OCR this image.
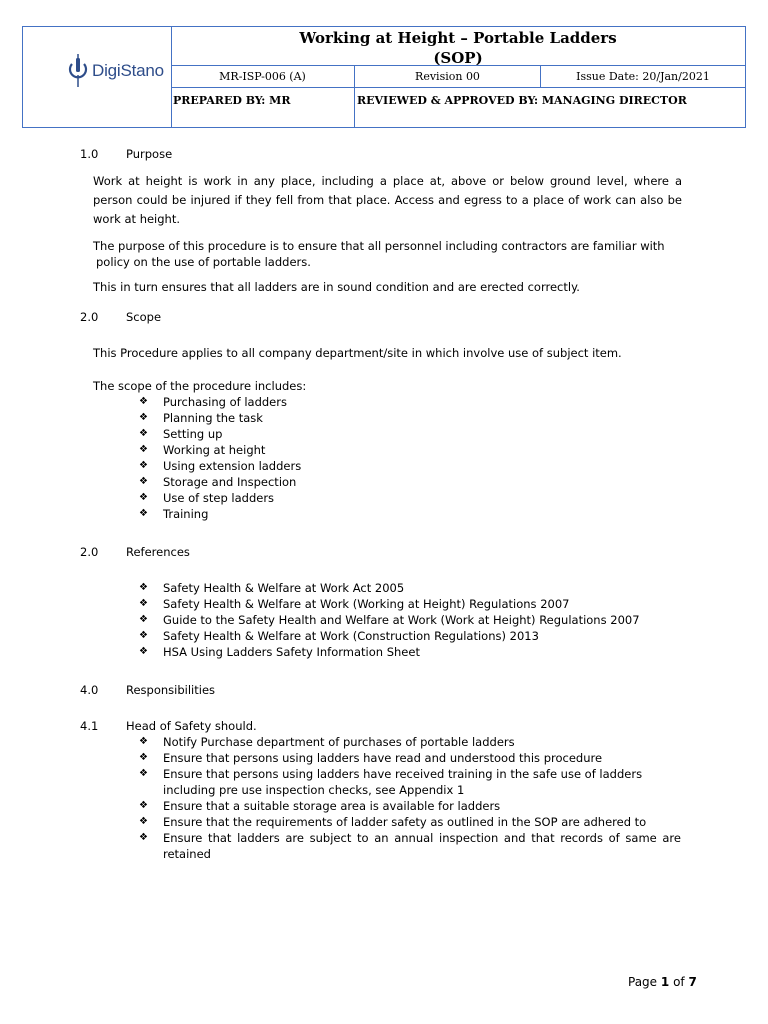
DigiStano
Working at Height – Portable Ladders
(SOP)
MR-ISP-006 (A)	Revision 00	Issue Date: 20/Jan/2021
PREPARED BY: MR	REVIEWED & APPROVED BY: MANAGING DIRECTOR
1.0	Purpose

Work at height is work in any place, including a place at, above or below ground level, where a person could be injured if they fell from that place. Access and egress to a place of work can also be work at height.

The purpose of this procedure is to ensure that all personnel including contractors are familiar with

policy on the use of portable ladders.

This in turn ensures that all ladders are in sound condition and are erected correctly.

2.0	Scope

This Procedure applies to all company department/site in which involve use of subject item.

The scope of the procedure includes:

❖ Purchasing of ladders
❖ Planning the task
❖ Setting up
❖ Working at height
❖ Using extension ladders
❖ Storage and Inspection
❖ Use of step ladders
❖ Training
2.0	References
❖ Safety Health & Welfare at Work Act 2005
❖ Safety Health & Welfare at Work (Working at Height) Regulations 2007
❖ Guide to the Safety Health and Welfare at Work (Work at Height) Regulations 2007
❖ Safety Health & Welfare at Work (Construction Regulations) 2013
❖ HSA Using Ladders Safety Information Sheet
4.0	Responsibilities
4.1	Head of Safety should.
❖ Notify Purchase department of purchases of portable ladders
❖ Ensure that persons using ladders have read and understood this procedure
❖ Ensure that persons using ladders have received training in the safe use of ladders including pre use inspection checks, see Appendix 1
❖ Ensure that a suitable storage area is available for ladders
❖ Ensure that the requirements of ladder safety as outlined in the SOP are adhered to
❖ Ensure that ladders are subject to an annual inspection and that records of same are retained
Page 1 of 7
